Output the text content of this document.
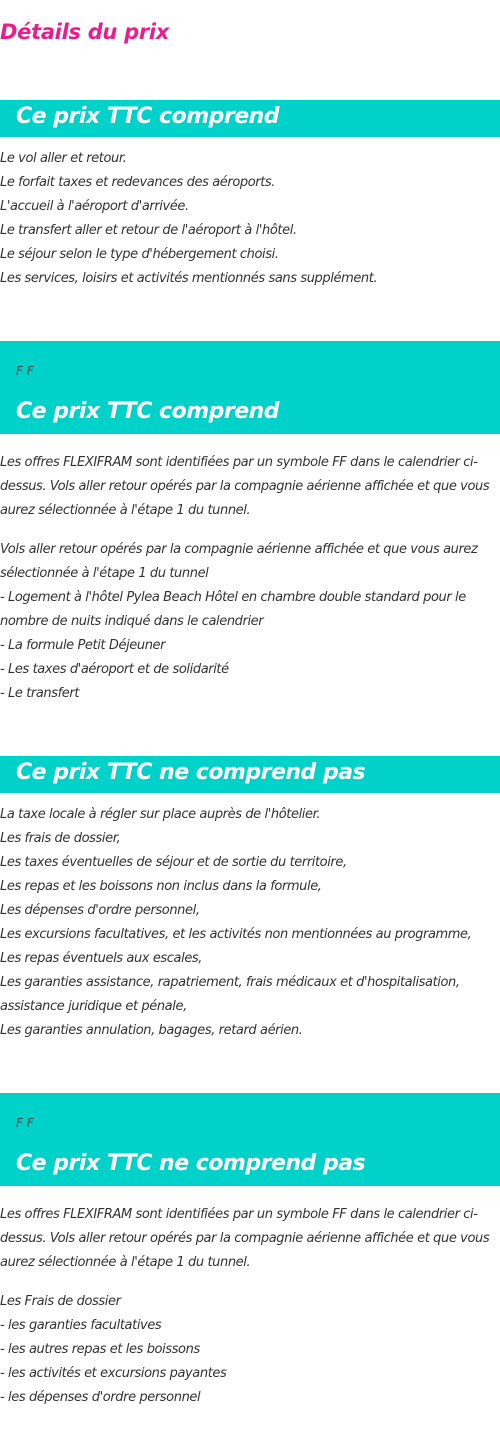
Détails du prix
Ce prix TTC comprend
Le vol aller et retour.
Le forfait taxes et redevances des aéroports.
L'accueil à l'aéroport d'arrivée.
Le transfert aller et retour de l'aéroport à l'hôtel.
Le séjour selon le type d'hébergement choisi.
Les services, loisirs et activités mentionnés sans supplément.

F F

Ce prix TTC comprend

Les offres FLEXIFRAM sont identifiées par un symbole FF dans le calendrier ci-dessus. Vols aller retour opérés par la compagnie aérienne affichée et que vous aurez sélectionnée à l'étape 1 du tunnel.

Vols aller retour opérés par la compagnie aérienne affichée et que vous aurez
sélectionnée à l'étape 1 du tunnel
- Logement à l'hôtel Pylea Beach Hôtel en chambre double standard pour le
nombre de nuits indiqué dans le calendrier
- La formule Petit Déjeuner
- Les taxes d'aéroport et de solidarité
- Le transfert
Ce prix TTC ne comprend pas
La taxe locale à régler sur place auprès de l'hôtelier.
Les frais de dossier,
Les taxes éventuelles de séjour et de sortie du territoire,
Les repas et les boissons non inclus dans la formule,
Les dépenses d'ordre personnel,
Les excursions facultatives, et les activités non mentionnées au programme,
Les repas éventuels aux escales,
Les garanties assistance, rapatriement, frais médicaux et d'hospitalisation,
assistance juridique et pénale,
Les garanties annulation, bagages, retard aérien.

F F

Ce prix TTC ne comprend pas

Les offres FLEXIFRAM sont identifiées par un symbole FF dans le calendrier ci-dessus. Vols aller retour opérés par la compagnie aérienne affichée et que vous aurez sélectionnée à l'étape 1 du tunnel.

Les Frais de dossier
- les garanties facultatives
- les autres repas et les boissons
- les activités et excursions payantes
- les dépenses d'ordre personnel
